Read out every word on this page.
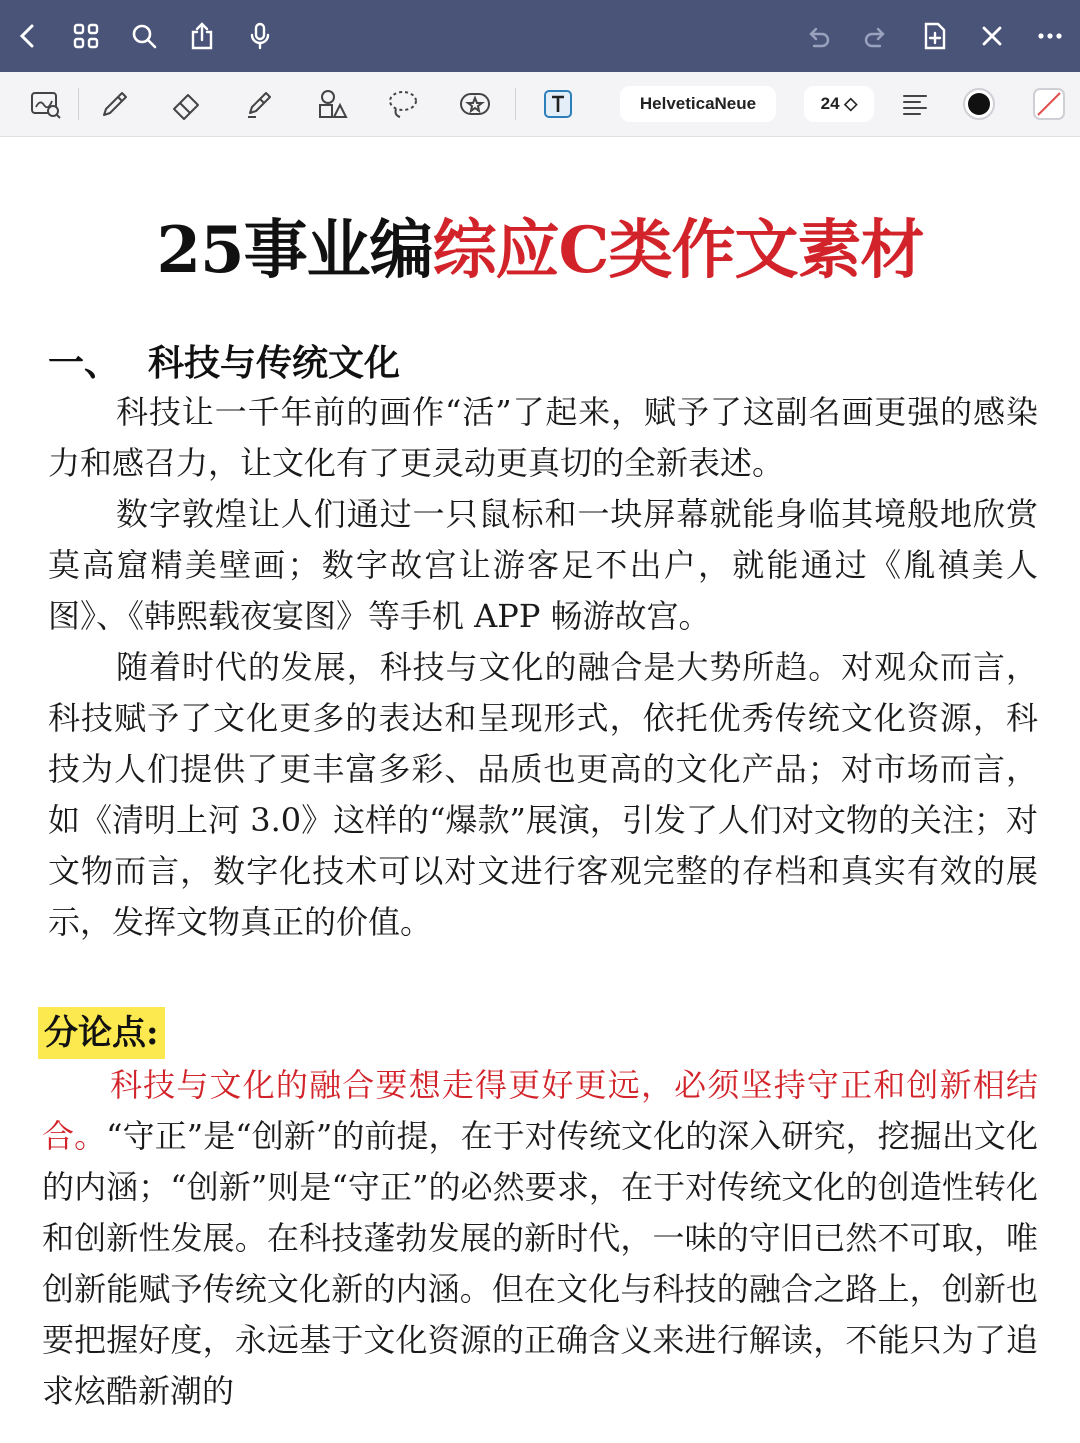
HelveticaNeue	24 ◇
25事业编综应C类作文素材
一、 科技与传统文化
科技让一千年前的画作“活”了起来，赋予了这副名画更强的感染力和感召力，让文化有了更灵动更真切的全新表述。
数字敦煌让人们通过一只鼠标和一块屏幕就能身临其境般地欣赏莫高窟精美壁画；数字故宫让游客足不出户，就能通过《胤禛美人图》、《韩熙载夜宴图》等手机 APP 畅游故宫。
随着时代的发展，科技与文化的融合是大势所趋。对观众而言，科技赋予了文化更多的表达和呈现形式，依托优秀传统文化资源，科技为人们提供了更丰富多彩、品质也更高的文化产品；对市场而言，如《清明上河 3.0》这样的“爆款”展演，引发了人们对文物的关注；对文物而言，数字化技术可以对文进行客观完整的存档和真实有效的展示，发挥文物真正的价值。
分论点:
科技与文化的融合要想走得更好更远，必须坚持守正和创新相结合。“守正”是“创新”的前提，在于对传统文化的深入研究，挖掘出文化的内涵；“创新”则是“守正”的必然要求，在于对传统文化的创造性转化和创新性发展。在科技蓬勃发展的新时代，一味的守旧已然不可取，唯创新能赋予传统文化新的内涵。但在文化与科技的融合之路上，创新也要把握好度，永远基于文化资源的正确含义来进行解读，不能只为了追求炫酷新潮的
